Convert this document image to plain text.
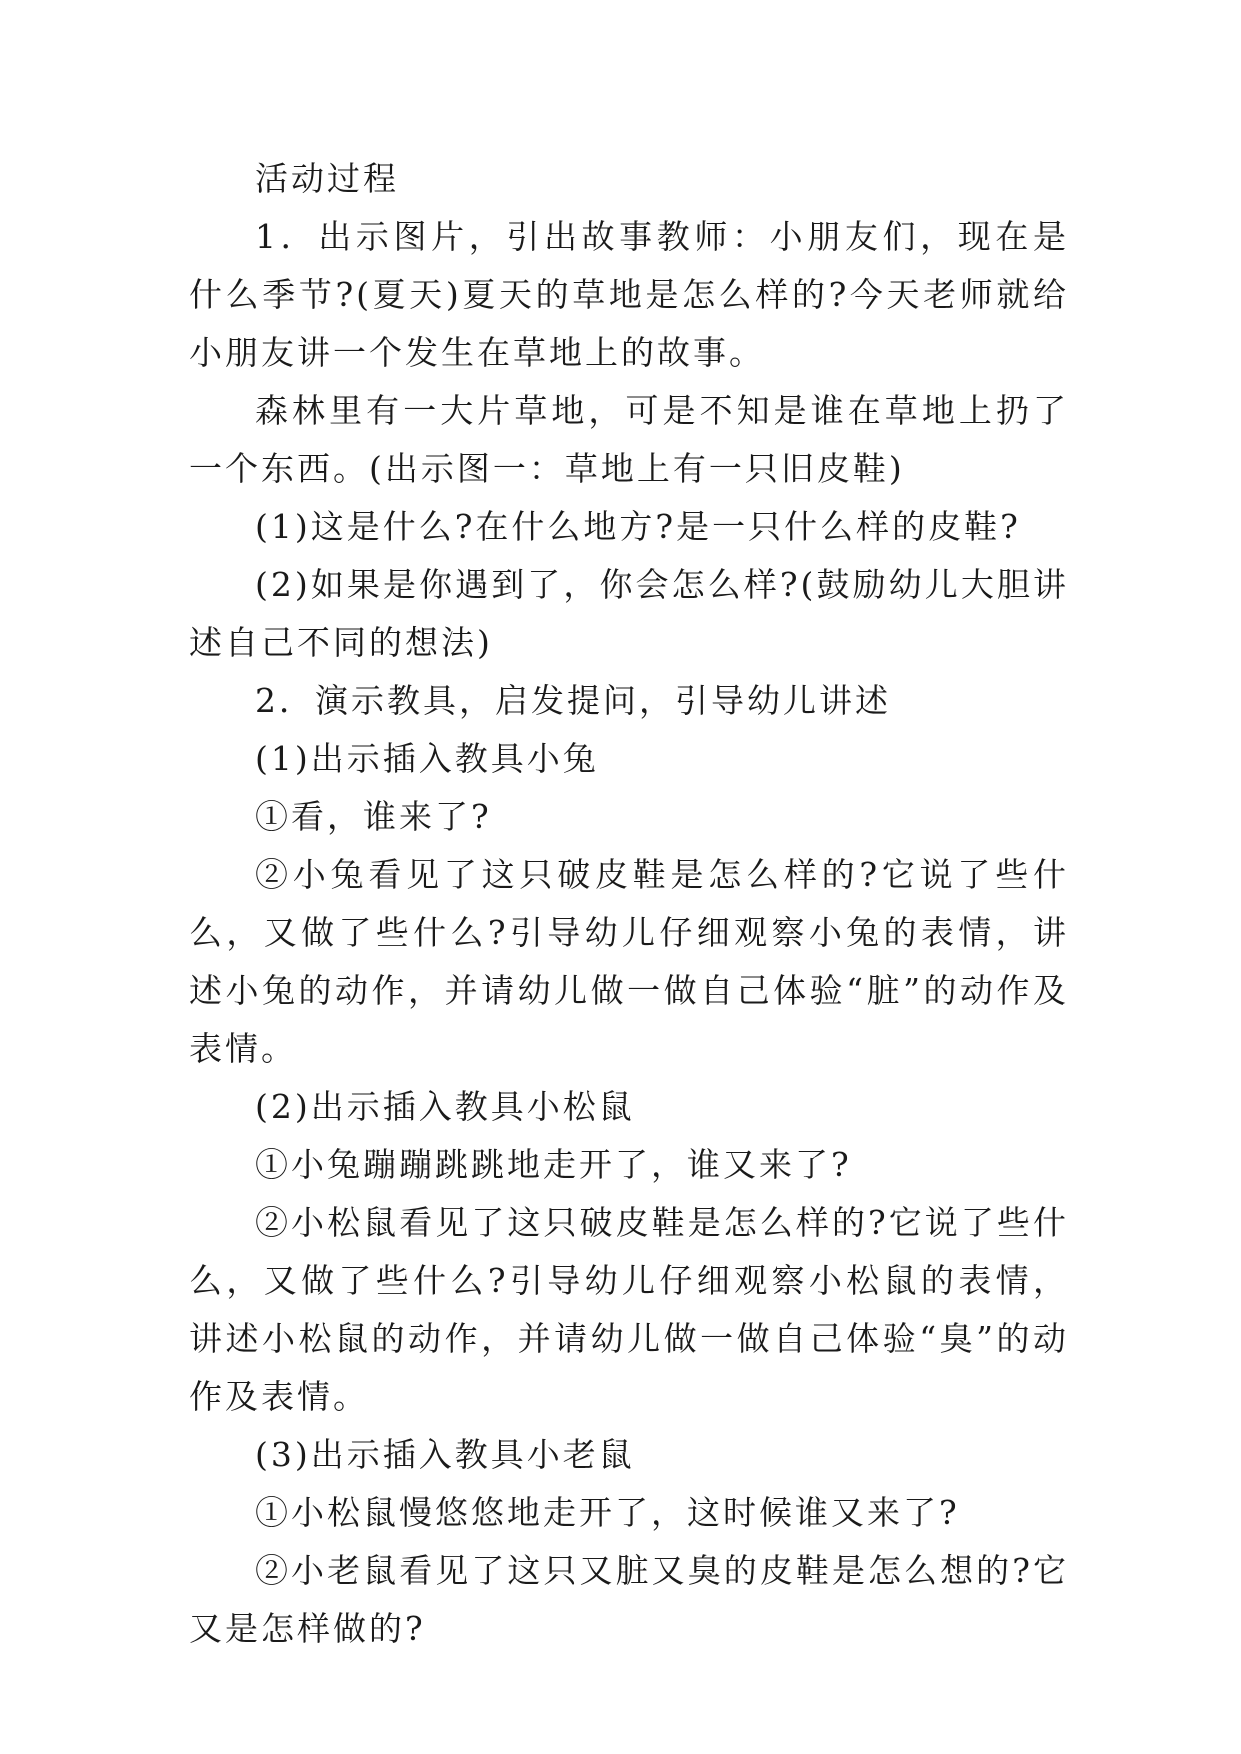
活动过程

1．出示图片，引出故事教师：小朋友们，现在是什么季节?(夏天)夏天的草地是怎么样的?今天老师就给小朋友讲一个发生在草地上的故事。

森林里有一大片草地，可是不知是谁在草地上扔了一个东西。(出示图一：草地上有一只旧皮鞋)

(1)这是什么?在什么地方?是一只什么样的皮鞋?

(2)如果是你遇到了，你会怎么样?(鼓励幼儿大胆讲述自己不同的想法)

2．演示教具，启发提问，引导幼儿讲述

(1)出示插入教具小兔

①看，谁来了?

②小兔看见了这只破皮鞋是怎么样的?它说了些什么，又做了些什么?引导幼儿仔细观察小兔的表情，讲述小兔的动作，并请幼儿做一做自己体验“脏”的动作及表情。

(2)出示插入教具小松鼠

①小兔蹦蹦跳跳地走开了，谁又来了?

②小松鼠看见了这只破皮鞋是怎么样的?它说了些什么，又做了些什么?引导幼儿仔细观察小松鼠的表情，讲述小松鼠的动作，并请幼儿做一做自己体验“臭”的动作及表情。

(3)出示插入教具小老鼠

①小松鼠慢悠悠地走开了，这时候谁又来了?

②小老鼠看见了这只又脏又臭的皮鞋是怎么想的?它又是怎样做的?
